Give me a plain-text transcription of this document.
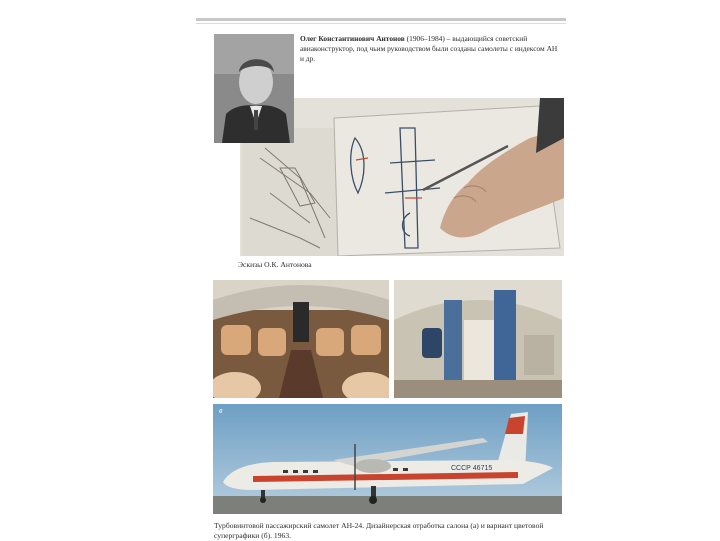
Олег Константинович Антонов (1906–1984) – выдающийся советский авиаконструктор, под чьим руководством были созданы самолеты с индексом АН и др.
Эскизы О.К. Антонова
СССР 46715
в
Турбовинтовой пассажирский самолет АН-24. Дизайнерская отработка салона (а) и вариант цветовой суперграфики (б). 1963.
